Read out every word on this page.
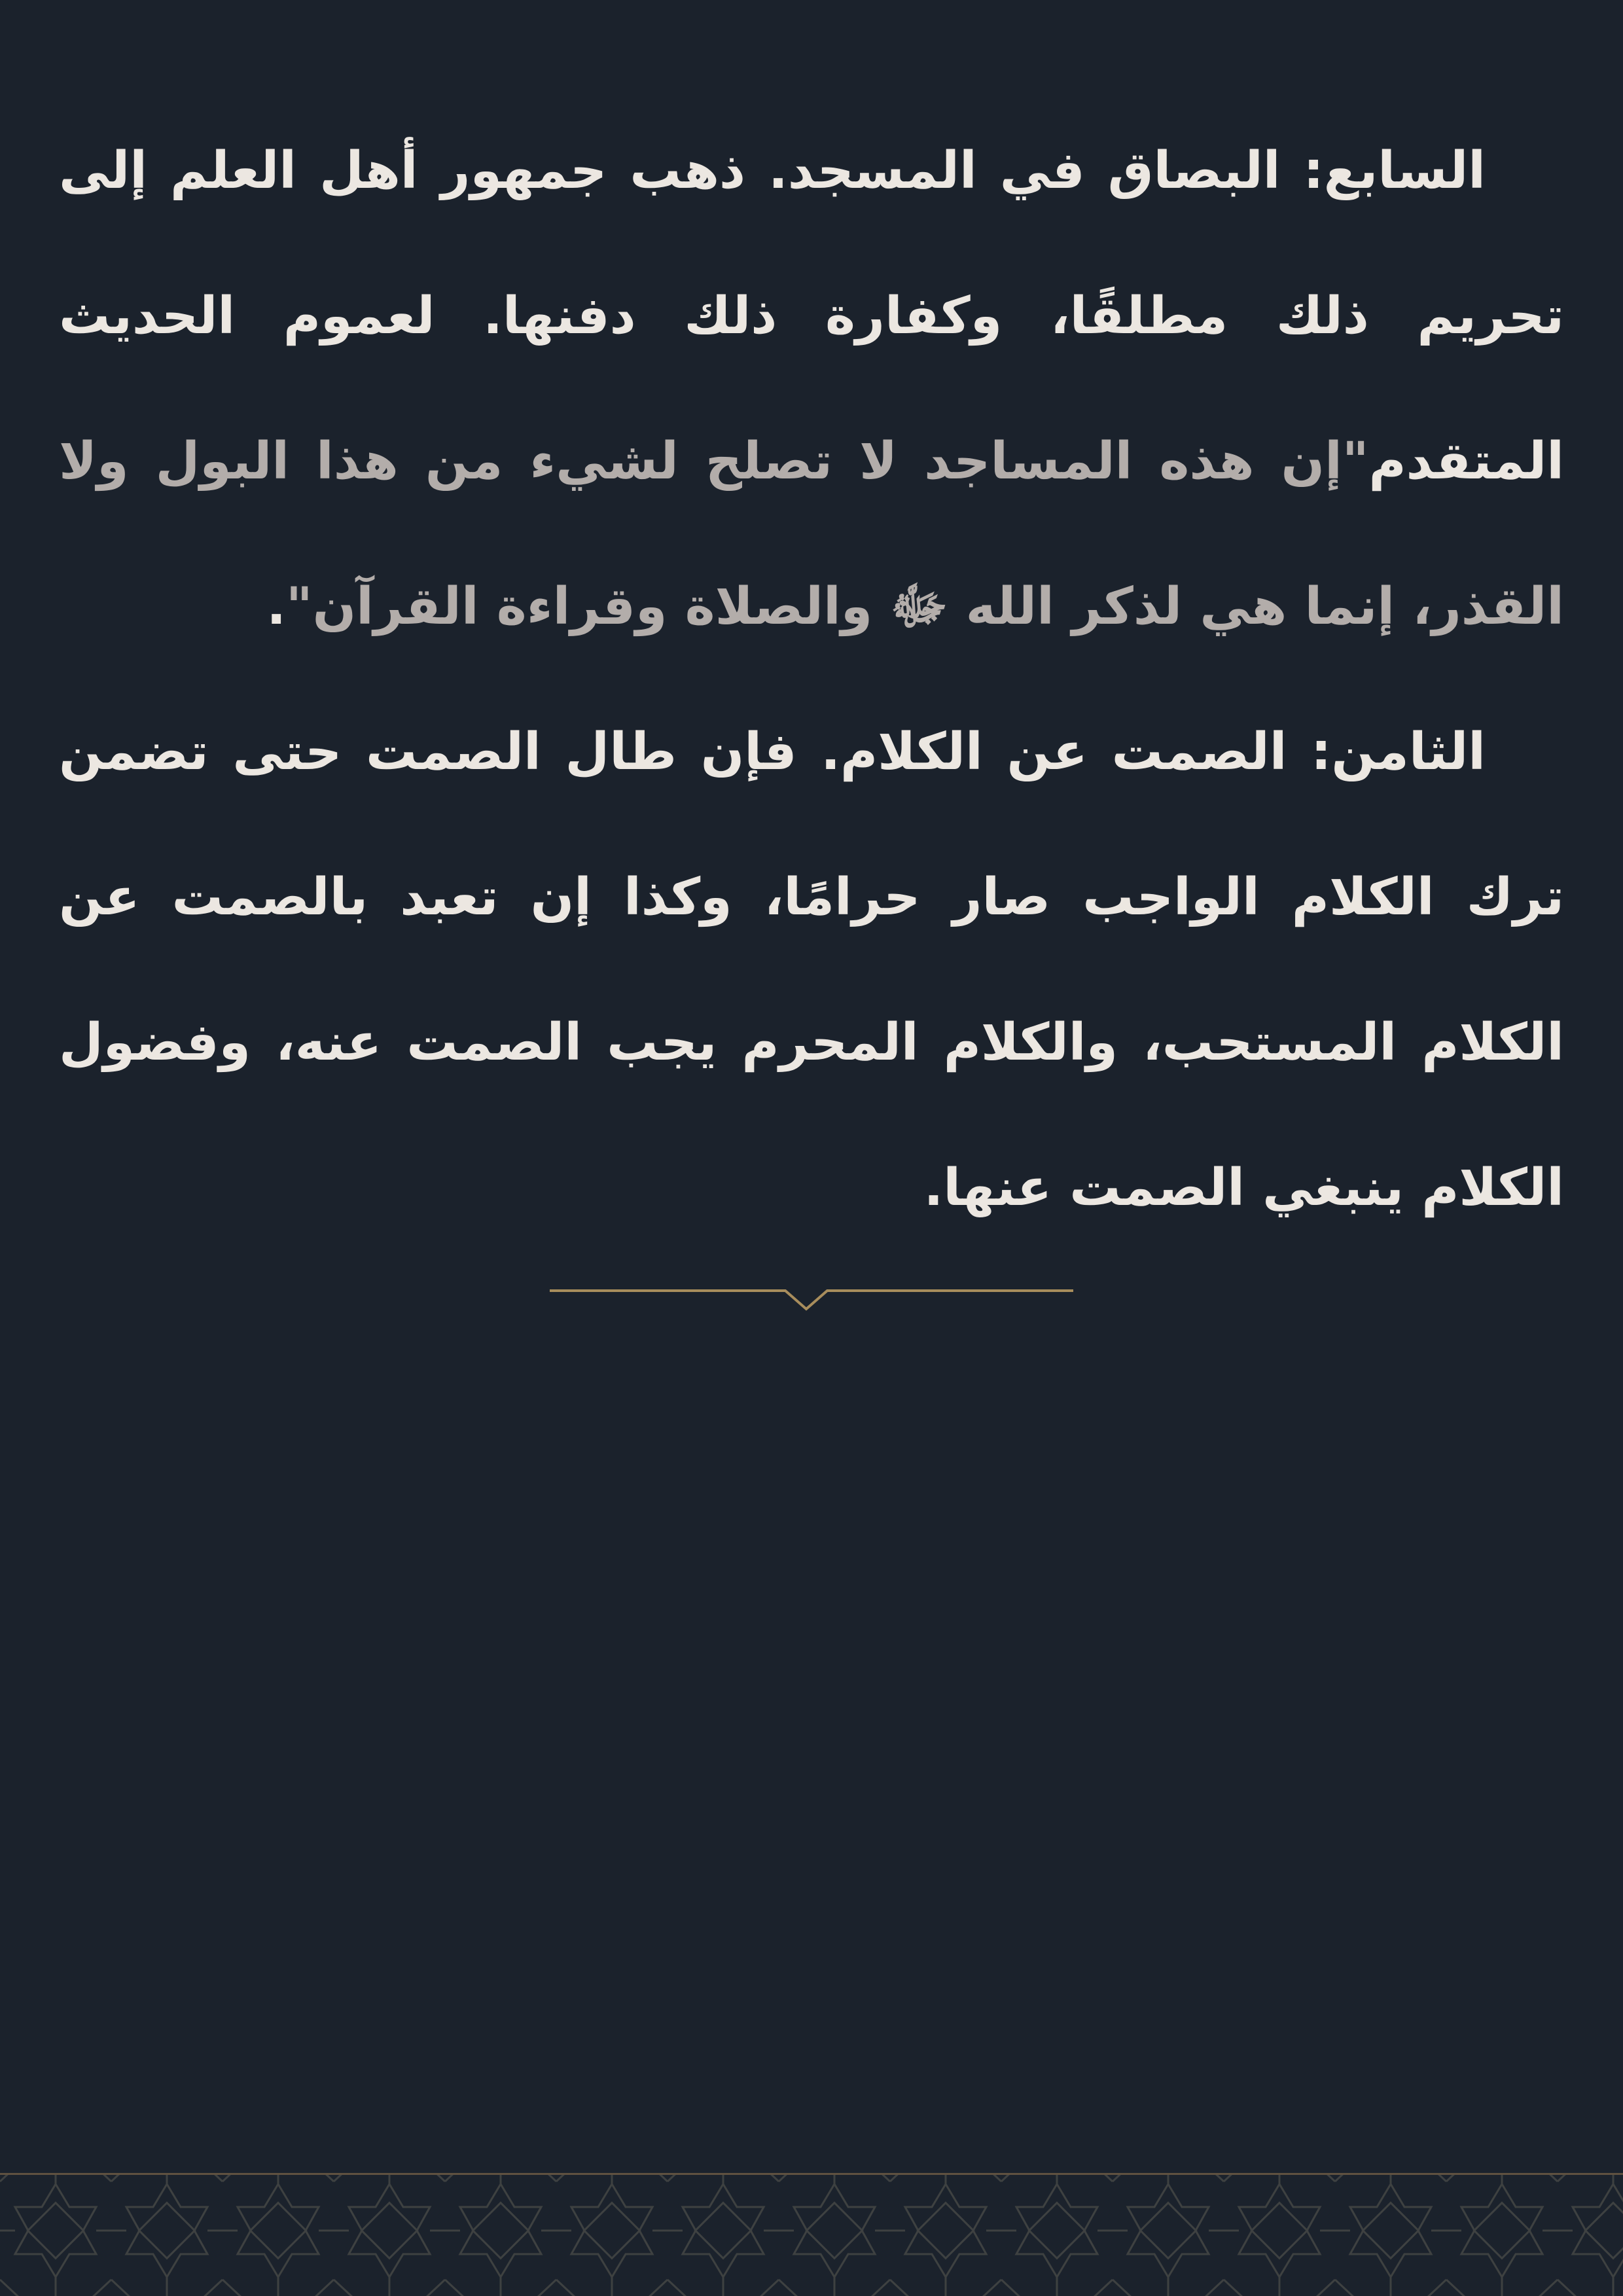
السابع: البصاق في المسجد. ذهب جمهور أهل العلم إلى تحريم ذلك مطلقًا، وكفارة ذلك دفنها. لعموم الحديث المتقدم"إن هذه المساجد لا تصلح لشيء من هذا البول ولا القذر، إنما هي لذكر الله ﷻ والصلاة وقراءة القرآن".

الثامن: الصمت عن الكلام. فإن طال الصمت حتى تضمن ترك الكلام الواجب صار حرامًا، وكذا إن تعبد بالصمت عن الكلام المستحب، والكلام المحرم يجب الصمت عنه، وفضول الكلام ينبغي الصمت عنها.
